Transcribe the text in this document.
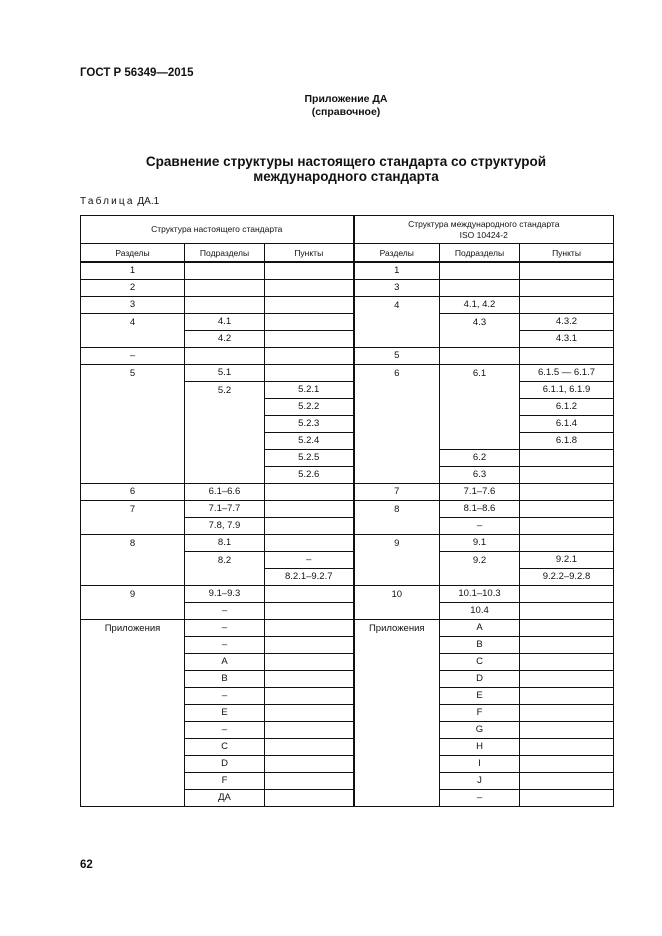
ГОСТ Р 56349—2015
Приложение ДА
(справочное)
Сравнение структуры настоящего стандарта со структурой
международного стандарта
Таблица ДА.1
Структура настоящего стандарта			Структура международного стандарта
ISO 10424-2		

Разделы	Подразделы	Пункты	Разделы	Подразделы	Пункты
1			1		
2			3		
3			4	4.1, 4.2	
4	4.1			4.3	4.3.2
	4.2				4.3.1
–			5		
5	5.1		6	6.1	6.1.5 — 6.1.7
	5.2	5.2.1			6.1.1, 6.1.9
		5.2.2			6.1.2
		5.2.3			6.1.4
		5.2.4			6.1.8
		5.2.5		6.2	
		5.2.6		6.3	
6	6.1–6.6		7	7.1–7.6	
7	7.1–7.7		8	8.1–8.6	
	7.8, 7.9			–	
8	8.1		9	9.1	
	8.2	–		9.2	9.2.1
		8.2.1–9.2.7			9.2.2–9.2.8
9	9.1–9.3		10	10.1–10.3	
	–			10.4	
Приложения	–		Приложения	A	
	–			B	
	A			C	
	B			D	
	–			E	
	E			F	
	–			G	
	C			H	
	D			I	
	F			J	
	ДА			–	
62
